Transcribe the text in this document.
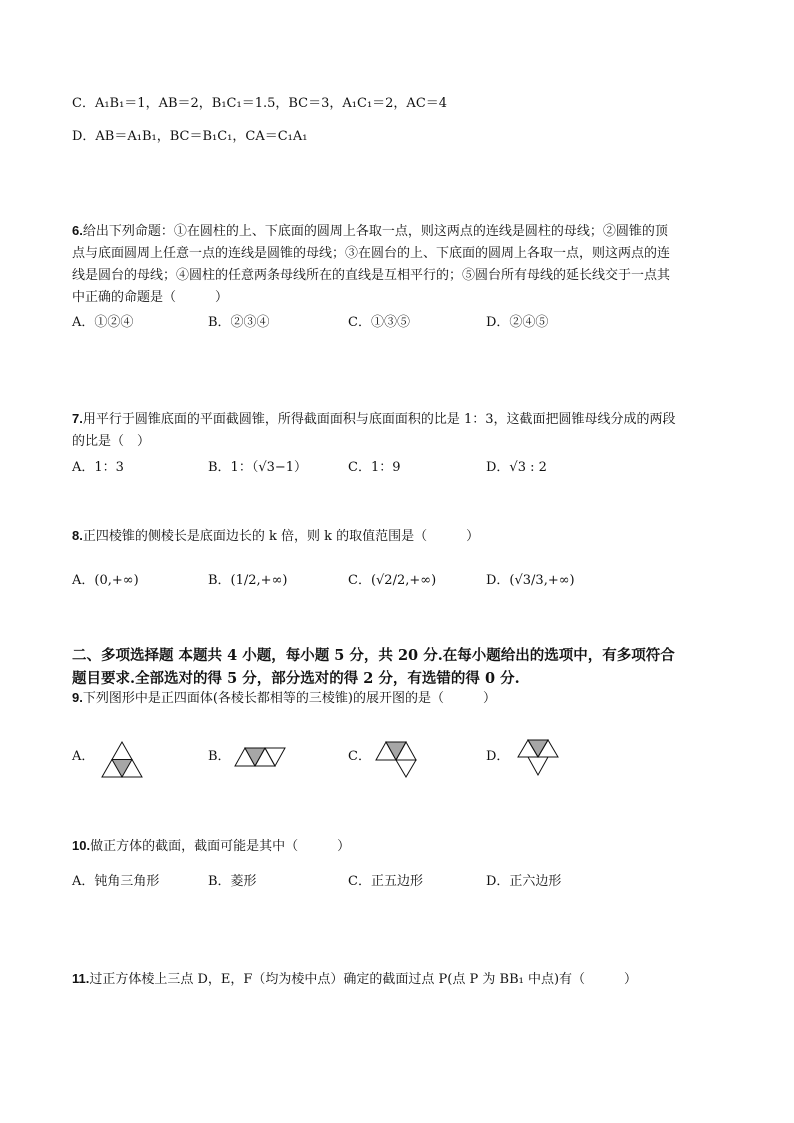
C．A₁B₁＝1，AB＝2，B₁C₁＝1.5，BC＝3，A₁C₁＝2，AC＝4
D．AB＝A₁B₁，BC＝B₁C₁，CA＝C₁A₁
6.给出下列命题：①在圆柱的上、下底面的圆周上各取一点，则这两点的连线是圆柱的母线；②圆锥的顶
点与底面圆周上任意一点的连线是圆锥的母线；③在圆台的上、下底面的圆周上各取一点，则这两点的连
线是圆台的母线；④圆柱的任意两条母线所在的直线是互相平行的；⑤圆台所有母线的延长线交于一点其
中正确的命题是（　　　）
A．①②④	B．②③④	C．①③⑤	D．②④⑤
7.用平行于圆锥底面的平面截圆锥，所得截面面积与底面面积的比是 1：3，这截面把圆锥母线分成的两段
的比是（　）
A．1：3	B．1：（√3−1）	C．1：9	D．√3 : 2
8.正四棱锥的侧棱长是底面边长的 k 倍，则 k 的取值范围是（　　　）
A．(0,+∞)	B．(1/2,+∞)	C．(√2/2,+∞)	D．(√3/3,+∞)
二、多项选择题 本题共 4 小题，每小题 5 分，共 20 分.在每小题给出的选项中，有多项符合
题目要求.全部选对的得 5 分，部分选对的得 2 分，有选错的得 0 分.
9.下列图形中是正四面体(各棱长都相等的三棱锥)的展开图的是（　　　）
A．	B．	C．	D．
10.做正方体的截面，截面可能是其中（　　　）
A．钝角三角形	B．菱形	C．正五边形	D．正六边形
11.过正方体棱上三点 D，E，F（均为棱中点）确定的截面过点 P(点 P 为 BB₁ 中点)有（　　　）
